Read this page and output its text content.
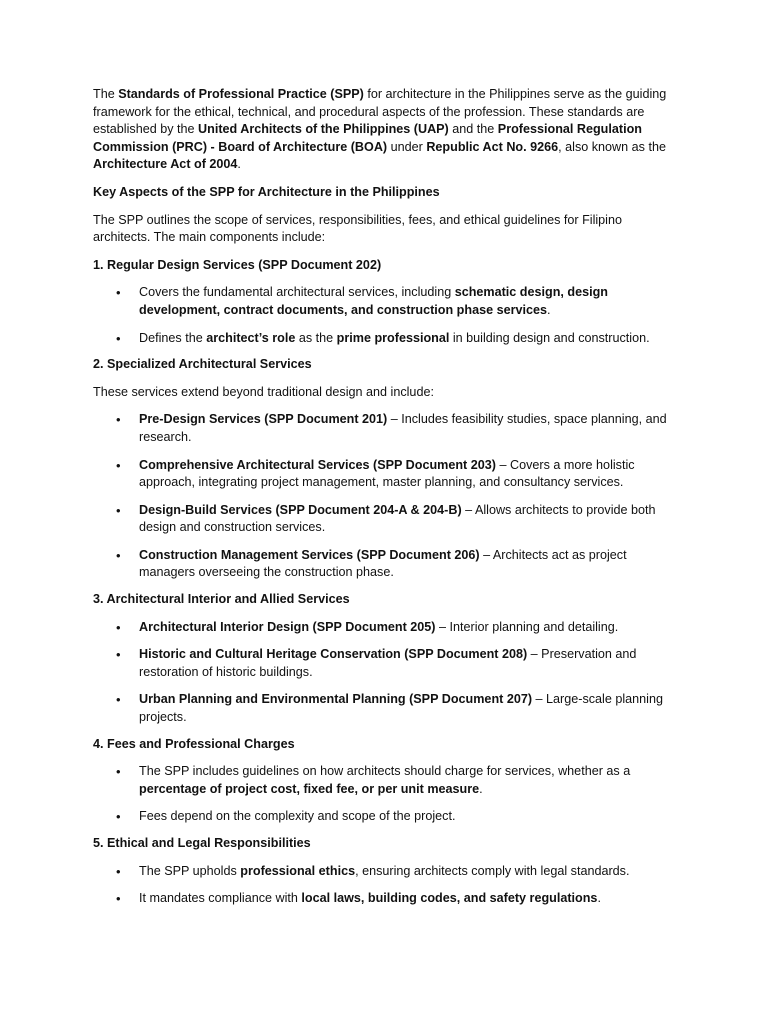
The Standards of Professional Practice (SPP) for architecture in the Philippines serve as the guiding framework for the ethical, technical, and procedural aspects of the profession. These standards are established by the United Architects of the Philippines (UAP) and the Professional Regulation Commission (PRC) - Board of Architecture (BOA) under Republic Act No. 9266, also known as the Architecture Act of 2004.

Key Aspects of the SPP for Architecture in the Philippines

The SPP outlines the scope of services, responsibilities, fees, and ethical guidelines for Filipino architects. The main components include:

1. Regular Design Services (SPP Document 202)

• Covers the fundamental architectural services, including schematic design, design development, contract documents, and construction phase services.
• Defines the architect’s role as the prime professional in building design and construction.

2. Specialized Architectural Services

These services extend beyond traditional design and include:

• Pre-Design Services (SPP Document 201) – Includes feasibility studies, space planning, and research.
• Comprehensive Architectural Services (SPP Document 203) – Covers a more holistic approach, integrating project management, master planning, and consultancy services.
• Design-Build Services (SPP Document 204-A & 204-B) – Allows architects to provide both design and construction services.
• Construction Management Services (SPP Document 206) – Architects act as project managers overseeing the construction phase.

3. Architectural Interior and Allied Services

• Architectural Interior Design (SPP Document 205) – Interior planning and detailing.
• Historic and Cultural Heritage Conservation (SPP Document 208) – Preservation and restoration of historic buildings.
• Urban Planning and Environmental Planning (SPP Document 207) – Large-scale planning projects.

4. Fees and Professional Charges

• The SPP includes guidelines on how architects should charge for services, whether as a percentage of project cost, fixed fee, or per unit measure.
• Fees depend on the complexity and scope of the project.

5. Ethical and Legal Responsibilities

• The SPP upholds professional ethics, ensuring architects comply with legal standards.
• It mandates compliance with local laws, building codes, and safety regulations.
